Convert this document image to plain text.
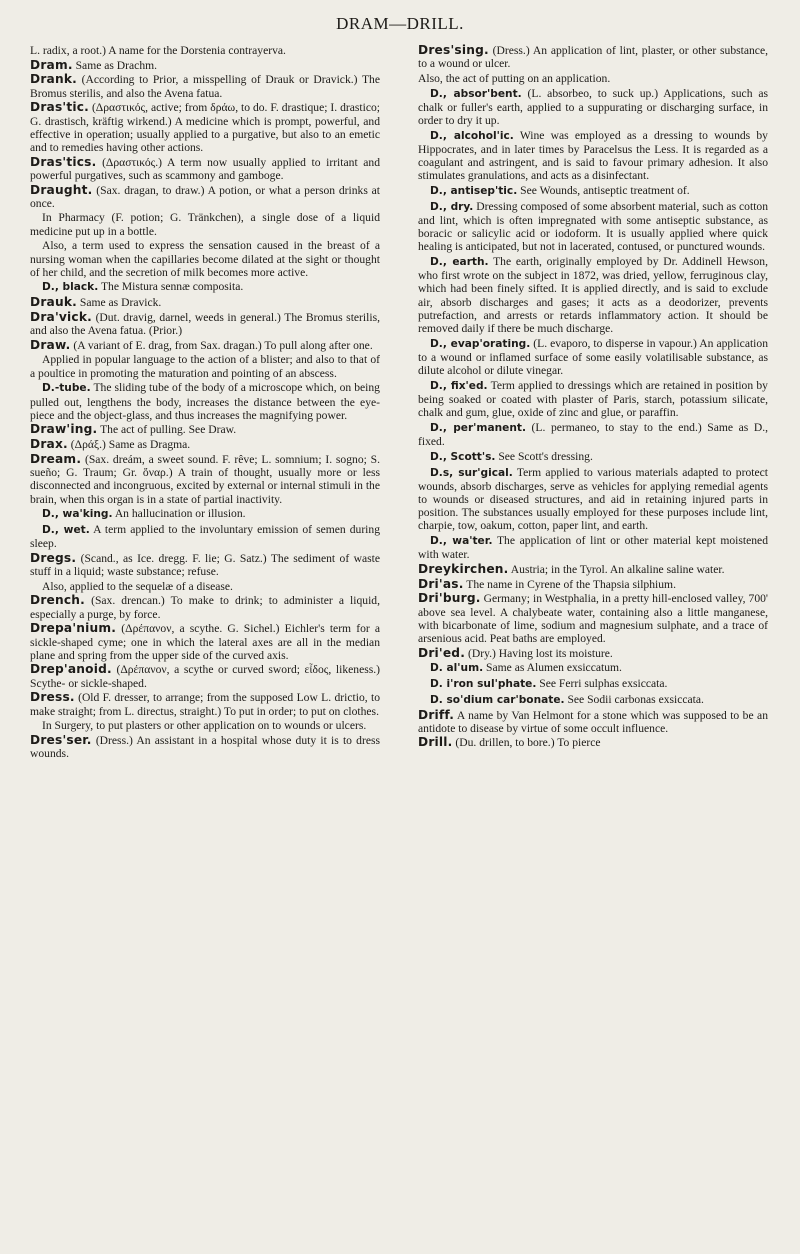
DRAM—DRILL.

L. radix, a root.) A name for the Dorstenia contrayerva.

Dram. Same as Drachm.

Drank. (According to Prior, a misspelling of Drauk or Dravick.) The Bromus sterilis, and also the Avena fatua.

Dras'tic. (Δραστικός, active; from δράω, to do. F. drastique; I. drastico; G. drastisch, kräftig wirkend.) A medicine which is prompt, powerful, and effective in operation; usually applied to a purgative, but also to an emetic and to remedies having other actions.

Dras'tics. (Δραστικός.) A term now usually applied to irritant and powerful purgatives, such as scammony and gamboge.

Draught. (Sax. dragan, to draw.) A potion, or what a person drinks at once.

In Pharmacy (F. potion; G. Tränkchen), a single dose of a liquid medicine put up in a bottle.

Also, a term used to express the sensation caused in the breast of a nursing woman when the capillaries become dilated at the sight or thought of her child, and the secretion of milk becomes more active.

D., black. The Mistura sennæ composita.

Drauk. Same as Dravick.

Dra'vick. (Dut. dravig, darnel, weeds in general.) The Bromus sterilis, and also the Avena fatua. (Prior.)

Draw. (A variant of E. drag, from Sax. dragan.) To pull along after one.

Applied in popular language to the action of a blister; and also to that of a poultice in promoting the maturation and pointing of an abscess.

D.-tube. The sliding tube of the body of a microscope which, on being pulled out, lengthens the body, increases the distance between the eye-piece and the object-glass, and thus increases the magnifying power.

Draw'ing. The act of pulling. See Draw.

Drax. (Δράξ.) Same as Dragma.

Dream. (Sax. dreám, a sweet sound. F. rêve; L. somnium; I. sogno; S. sueño; G. Traum; Gr. ὄναρ.) A train of thought, usually more or less disconnected and incongruous, excited by external or internal stimuli in the brain, when this organ is in a state of partial inactivity.

D., wa'king. An hallucination or illusion.

D., wet. A term applied to the involuntary emission of semen during sleep.

Dregs. (Scand., as Ice. dregg. F. lie; G. Satz.) The sediment of waste stuff in a liquid; waste substance; refuse.

Also, applied to the sequelæ of a disease.

Drench. (Sax. drencan.) To make to drink; to administer a liquid, especially a purge, by force.

Drepa'nium. (Δρέπανον, a scythe. G. Sichel.) Eichler's term for a sickle-shaped cyme; one in which the lateral axes are all in the median plane and spring from the upper side of the curved axis.

Drep'anoid. (Δρέπανον, a scythe or curved sword; εἶδος, likeness.) Scythe- or sickle-shaped.

Dress. (Old F. dresser, to arrange; from the supposed Low L. drictio, to make straight; from L. directus, straight.) To put in order; to put on clothes.

In Surgery, to put plasters or other application on to wounds or ulcers.

Dres'ser. (Dress.) An assistant in a hospital whose duty it is to dress wounds.

Dres'sing. (Dress.) An application of lint, plaster, or other substance, to a wound or ulcer.

Also, the act of putting on an application.

D., absor'bent. (L. absorbeo, to suck up.) Applications, such as chalk or fuller's earth, applied to a suppurating or discharging surface, in order to dry it up.

D., alcohol'ic. Wine was employed as a dressing to wounds by Hippocrates, and in later times by Paracelsus the Less. It is regarded as a coagulant and astringent, and is said to favour primary adhesion. It also stimulates granulations, and acts as a disinfectant.

D., antisep'tic. See Wounds, antiseptic treatment of.

D., dry. Dressing composed of some absorbent material, such as cotton and lint, which is often impregnated with some antiseptic substance, as boracic or salicylic acid or iodoform. It is usually applied where quick healing is anticipated, but not in lacerated, contused, or punctured wounds.

D., earth. The earth, originally employed by Dr. Addinell Hewson, who first wrote on the subject in 1872, was dried, yellow, ferruginous clay, which had been finely sifted. It is applied directly, and is said to exclude air, absorb discharges and gases; it acts as a deodorizer, prevents putrefaction, and arrests or retards inflammatory action. It should be removed daily if there be much discharge.

D., evap'orating. (L. evaporo, to disperse in vapour.) An application to a wound or inflamed surface of some easily volatilisable substance, as dilute alcohol or dilute vinegar.

D., fix'ed. Term applied to dressings which are retained in position by being soaked or coated with plaster of Paris, starch, potassium silicate, chalk and gum, glue, oxide of zinc and glue, or paraffin.

D., per'manent. (L. permaneo, to stay to the end.) Same as D., fixed.

D., Scott's. See Scott's dressing.

D.s, sur'gical. Term applied to various materials adapted to protect wounds, absorb discharges, serve as vehicles for applying remedial agents to wounds or diseased structures, and aid in retaining injured parts in position. The substances usually employed for these purposes include lint, charpie, tow, oakum, cotton, paper lint, and earth.

D., wa'ter. The application of lint or other material kept moistened with water.

Dreykirchen. Austria; in the Tyrol. An alkaline saline water.

Dri'as. The name in Cyrene of the Thapsia silphium.

Dri'burg. Germany; in Westphalia, in a pretty hill-enclosed valley, 700' above sea level. A chalybeate water, containing also a little manganese, with bicarbonate of lime, sodium and magnesium sulphate, and a trace of arsenious acid. Peat baths are employed.

Dri'ed. (Dry.) Having lost its moisture.

D. al'um. Same as Alumen exsiccatum.

D. i'ron sul'phate. See Ferri sulphas exsiccata.

D. so'dium car'bonate. See Sodii carbonas exsiccata.

Driff. A name by Van Helmont for a stone which was supposed to be an antidote to disease by virtue of some occult influence.

Drill. (Du. drillen, to bore.) To pierce
